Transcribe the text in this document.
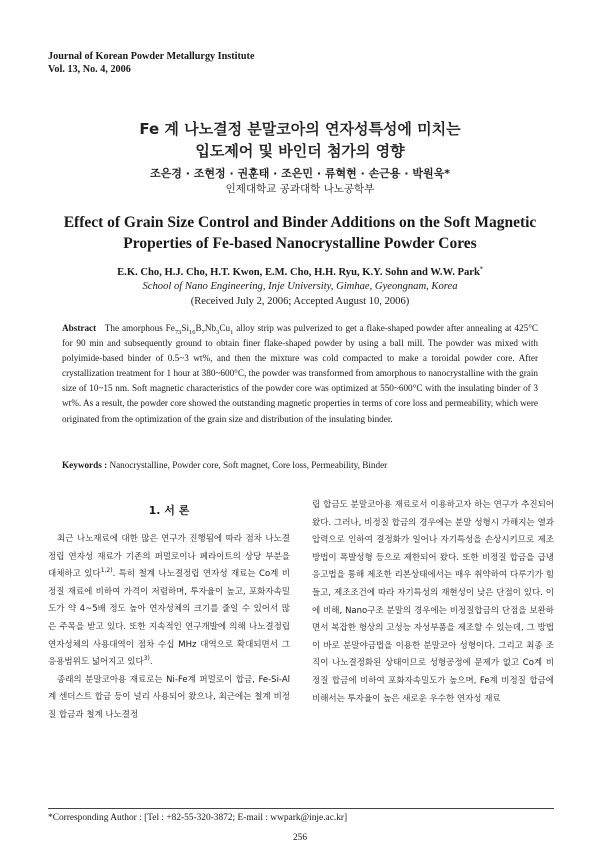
Journal of Korean Powder Metallurgy Institute
Vol. 13, No. 4, 2006
Fe 계 나노결정 분말코아의 연자성특성에 미치는
입도제어 및 바인더 첨가의 영향
조은경 · 조현정 · 권훈태 · 조은민 · 류혁현 · 손근용 · 박원욱*
인제대학교 공과대학 나노공학부
Effect of Grain Size Control and Binder Additions on the Soft Magnetic
Properties of Fe-based Nanocrystalline Powder Cores
E.K. Cho, H.J. Cho, H.T. Kwon, E.M. Cho, H.H. Ryu, K.Y. Sohn and W.W. Park*
School of Nano Engineering, Inje University, Gimhae, Gyeongnam, Korea
(Received July 2, 2006; Accepted August 10, 2006)
Abstract The amorphous $Fe_{73}Si_{16}B_7Nb_3Cu_1$ alloy strip was pulverized to get a flake-shaped powder after annealing at 425°C for 90 min and subsequently ground to obtain finer flake-shaped powder by using a ball mill. The powder was mixed with polyimide-based binder of 0.5~3 wt%, and then the mixture was cold compacted to make a toroidal powder core. After crystallization treatment for 1 hour at 380~600°C, the powder was transformed from amorphous to nanocrystalline with the grain size of 10~15 nm. Soft magnetic characteristics of the powder core was optimized at 550~600°C with the insulating binder of 3 wt%. As a result, the powder core showed the outstanding magnetic properties in terms of core loss and permeability, which were originated from the optimization of the grain size and distribution of the insulating binder.
Keywords : Nanocrystalline, Powder core, Soft magnet, Core loss, Permeability, Binder
1. 서 론

최근 나노재료에 대한 많은 연구가 진행됨에 따라 점차 나노결정립 연자성 재료가 기존의 퍼멀로이나 페라이트의 상당 부분을 대체하고 있다$^{1,2)}$. 특히 철계 나노결정립 연자성 재료는 Co계 비정질 재료에 비하여 가격이 저렴하며, 투자율이 높고, 포화자속밀도가 약 4~5배 정도 높아 연자성체의 크기를 줄일 수 있어서 많은 주목을 받고 있다. 또한 지속적인 연구개발에 의해 나노결정립 연자성체의 사용대역이 점차 수십 MHz 대역으로 확대되면서 그 응용범위도 넓어지고 있다$^{3)}$.

종래의 분말코아용 재료로는 Ni-Fe계 퍼멀로이 합금, Fe-Si-Al계 센더스트 합금 등이 널리 사용되어 왔으나, 최근에는 철계 비정질 합금과 철계 나노결정

립 합금도 분말코아용 재료로서 이용하고자 하는 연구가 추진되어 왔다. 그러나, 비정질 합금의 경우에는 분말 성형시 가해지는 열과 압력으로 인하여 결정화가 일어나 자기특성을 손상시키므로 제조방법이 폭발성형 등으로 제한되어 왔다. 또한 비정질 합금을 급냉응고법을 통해 제조한 리본상태에서는 매우 취약하여 다루기가 힘들고, 제조조건에 따라 자기특성의 재현성이 낮은 단점이 있다. 이에 비해, Nano구조 분말의 경우에는 비정질합금의 단점을 보완하면서 복잡한 형상의 고성능 자성부품을 제조할 수 있는데, 그 방법이 바로 분말야금법을 이용한 분말코아 성형이다. 그리고 최종 조직이 나노결정화된 상태이므로 성형공정에 문제가 없고 Co계 비정질 합금에 비하여 포화자속밀도가 높으며, Fe계 비정질 합금에 비해서는 투자율이 높은 새로운 우수한 연자성 재료

*Corresponding Author : [Tel : +82-55-320-3872; E-mail : wwpark@inje.ac.kr]
256
